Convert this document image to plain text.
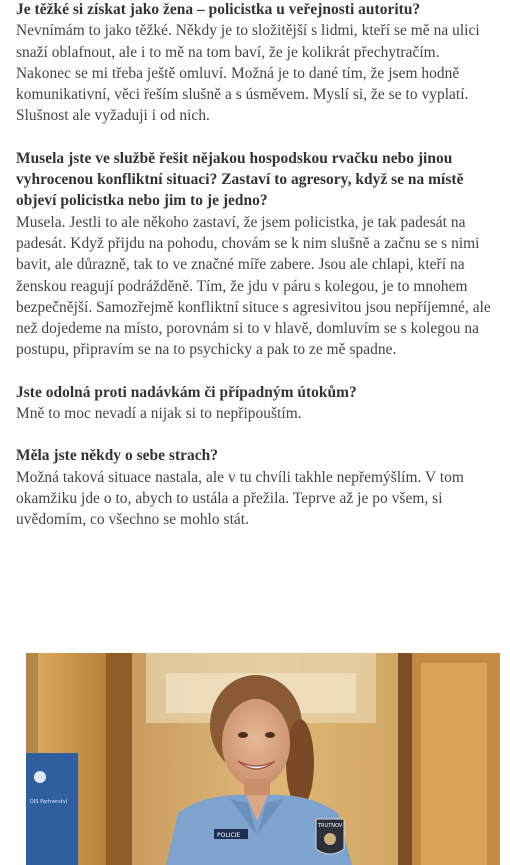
Je těžké si získat jako žena – policistka u veřejnosti autoritu?

Nevnímám to jako těžké. Někdy je to složitější s lidmi, kteří se mě na ulici snaží oblafnout, ale i to mě na tom baví, že je kolikrát přechytračím. Nakonec se mi třeba ještě omluví. Možná je to dané tím, že jsem hodně komunikativní, věci řeším slušně a s úsměvem. Myslí si, že se to vyplatí. Slušnost ale vyžaduji i od nich.

Musela jste ve službě řešit nějakou hospodskou rvačku nebo jinou vyhrocenou konfliktní situaci? Zastaví to agresory, když se na místě objeví policistka nebo jim to je jedno?

Musela. Jestli to ale někoho zastaví, že jsem policistka, je tak padesát na padesát. Když přijdu na pohodu, chovám se k nim slušně a začnu se s nimi bavit, ale důrazně, tak to ve značné míře zabere. Jsou ale chlapi, kteří na ženskou reagují podrážděně. Tím, že jdu v páru s kolegou, je to mnohem bezpečnější. Samozřejmě konfliktní situce s agresivitou jsou nepříjemné, ale než dojedeme na místo, porovnám si to v hlavě, domluvím se s kolegou na postupu, připravím se na to psychicky a pak to ze mě spadne.

Jste odolná proti nadávkám či případným útokům?

Mně to moc nevadí a nijak si to nepřipouštím.

Měla jste někdy o sebe strach?

Možná taková situace nastala, ale v tu chvíli takhle nepřemýšlím. V tom okamžiku jde o to, abych to ustála a přežila. Teprve až je po všem, si uvědomím, co všechno se mohlo stát.

DIS Partnerství
POLICIE
TRUTNOV
